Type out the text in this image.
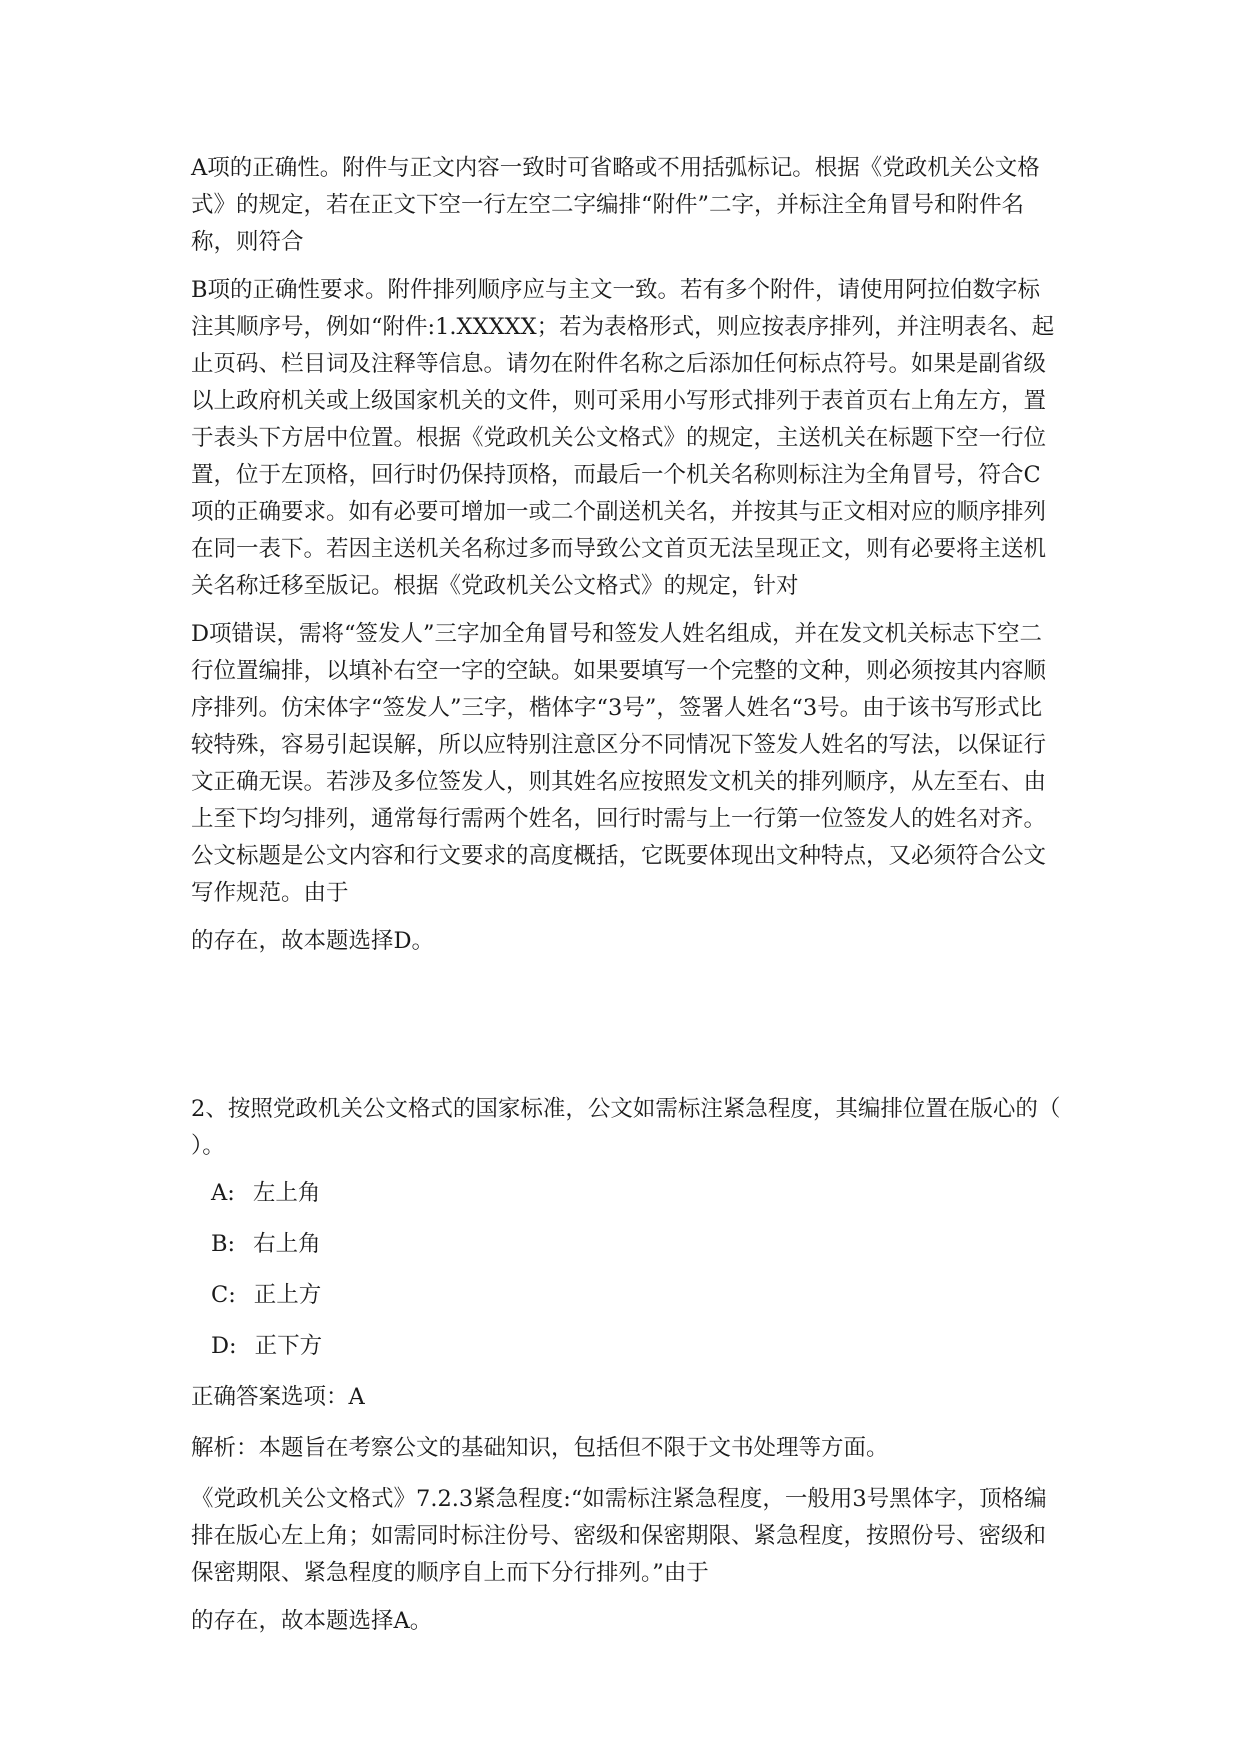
A项的正确性。附件与正文内容一致时可省略或不用括弧标记。根据《党政机关公文格式》的规定，若在正文下空一行左空二字编排“附件”二字，并标注全角冒号和附件名称，则符合

B项的正确性要求。附件排列顺序应与主文一致。若有多个附件，请使用阿拉伯数字标注其顺序号，例如“附件:1.XXXXX；若为表格形式，则应按表序排列，并注明表名、起止页码、栏目词及注释等信息。请勿在附件名称之后添加任何标点符号。如果是副省级以上政府机关或上级国家机关的文件，则可采用小写形式排列于表首页右上角左方，置于表头下方居中位置。根据《党政机关公文格式》的规定，主送机关在标题下空一行位置，位于左顶格，回行时仍保持顶格，而最后一个机关名称则标注为全角冒号，符合C项的正确要求。如有必要可增加一或二个副送机关名，并按其与正文相对应的顺序排列在同一表下。若因主送机关名称过多而导致公文首页无法呈现正文，则有必要将主送机关名称迁移至版记。根据《党政机关公文格式》的规定，针对

D项错误，需将“签发人”三字加全角冒号和签发人姓名组成，并在发文机关标志下空二行位置编排，以填补右空一字的空缺。如果要填写一个完整的文种，则必须按其内容顺序排列。仿宋体字“签发人”三字，楷体字“3号”，签署人姓名“3号。由于该书写形式比较特殊，容易引起误解，所以应特别注意区分不同情况下签发人姓名的写法，以保证行文正确无误。若涉及多位签发人，则其姓名应按照发文机关的排列顺序，从左至右、由上至下均匀排列，通常每行需两个姓名，回行时需与上一行第一位签发人的姓名对齐。公文标题是公文内容和行文要求的高度概括，它既要体现出文种特点，又必须符合公文写作规范。由于

的存在，故本题选择D。

2、按照党政机关公文格式的国家标准，公文如需标注紧急程度，其编排位置在版心的（ ）。

A: 左上角
B: 右上角
C: 正上方
D: 正下方

正确答案选项：A

解析：本题旨在考察公文的基础知识，包括但不限于文书处理等方面。

《党政机关公文格式》7.2.3紧急程度:“如需标注紧急程度，一般用3号黑体字，顶格编排在版心左上角；如需同时标注份号、密级和保密期限、紧急程度，按照份号、密级和保密期限、紧急程度的顺序自上而下分行排列。”由于

的存在，故本题选择A。
